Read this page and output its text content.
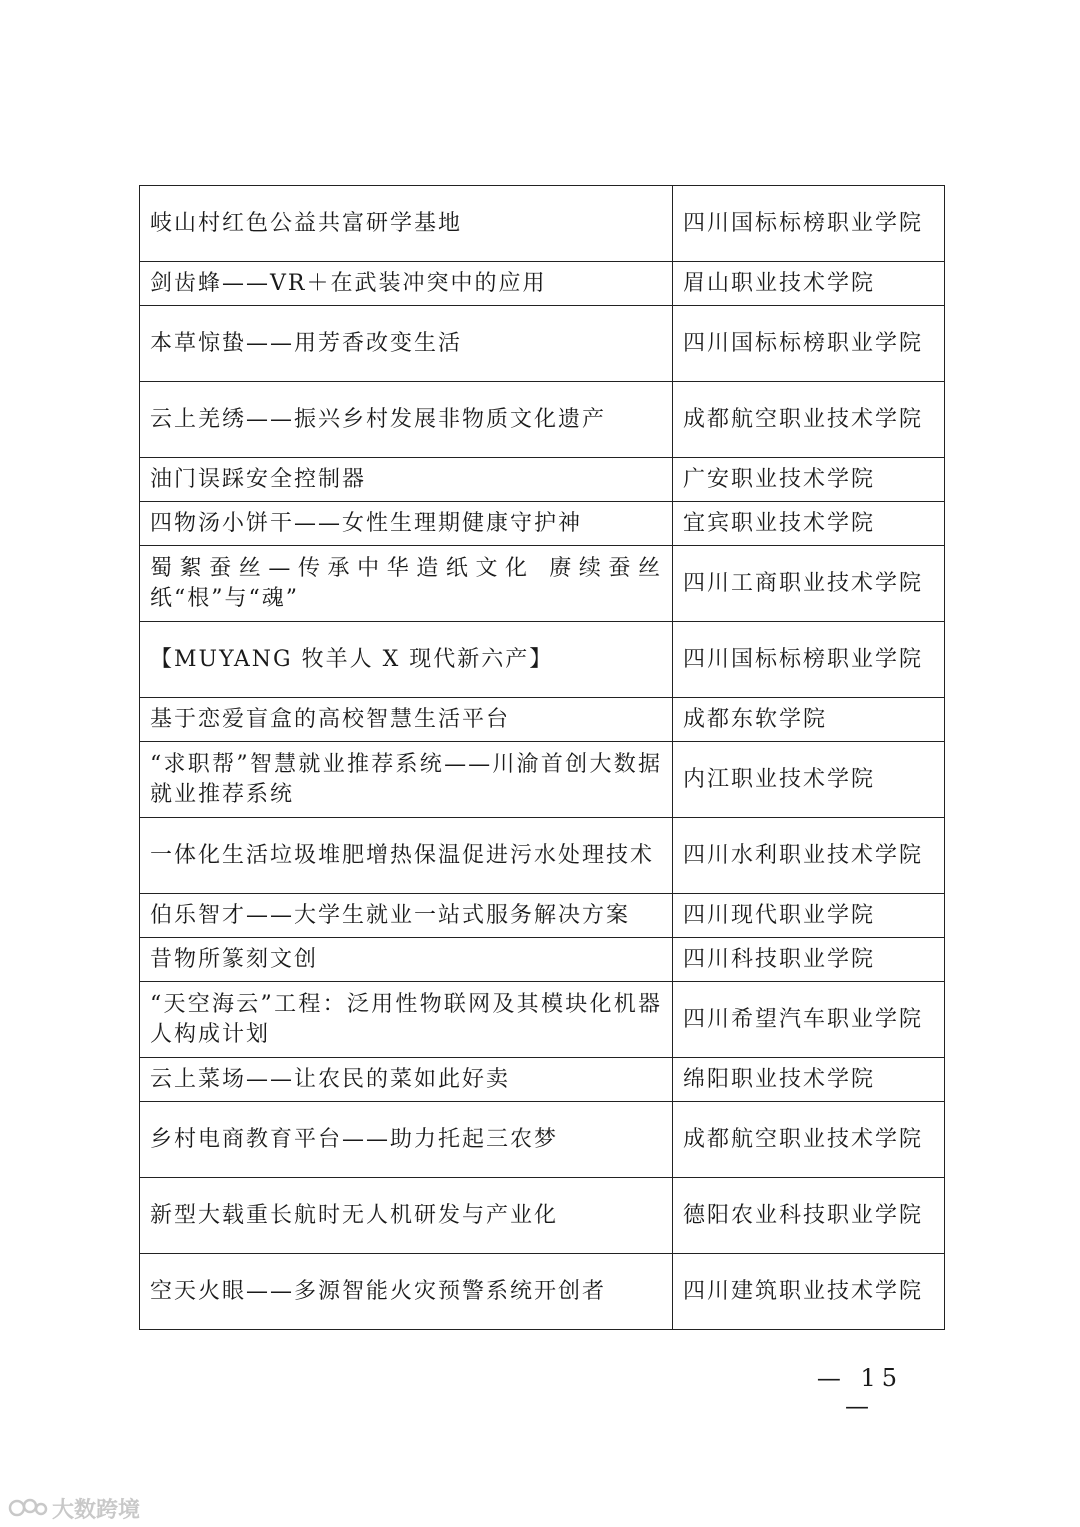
岐山村红色公益共富研学基地	四川国标标榜职业学院
剑齿蜂——VR＋在武装冲突中的应用	眉山职业技术学院
本草惊蛰——用芳香改变生活	四川国标标榜职业学院
云上羌绣——振兴乡村发展非物质文化遗产	成都航空职业技术学院
油门误踩安全控制器	广安职业技术学院
四物汤小饼干——女性生理期健康守护神	宜宾职业技术学院
蜀絮蚕丝—传承中华造纸文化 赓续蚕丝纸“根”与“魂”	四川工商职业技术学院
【MUYANG 牧羊人 X 现代新六产】	四川国标标榜职业学院
基于恋爱盲盒的高校智慧生活平台	成都东软学院
“求职帮”智慧就业推荐系统——川渝首创大数据就业推荐系统	内江职业技术学院
一体化生活垃圾堆肥增热保温促进污水处理技术	四川水利职业技术学院
伯乐智才——大学生就业一站式服务解决方案	四川现代职业学院
昔物所篆刻文创	四川科技职业学院
“天空海云”工程：泛用性物联网及其模块化机器人构成计划	四川希望汽车职业学院
云上菜场——让农民的菜如此好卖	绵阳职业技术学院
乡村电商教育平台——助力托起三农梦	成都航空职业技术学院
新型大载重长航时无人机研发与产业化	德阳农业科技职业学院
空天火眼——多源智能火灾预警系统开创者	四川建筑职业技术学院
— 15 —
大数跨境
